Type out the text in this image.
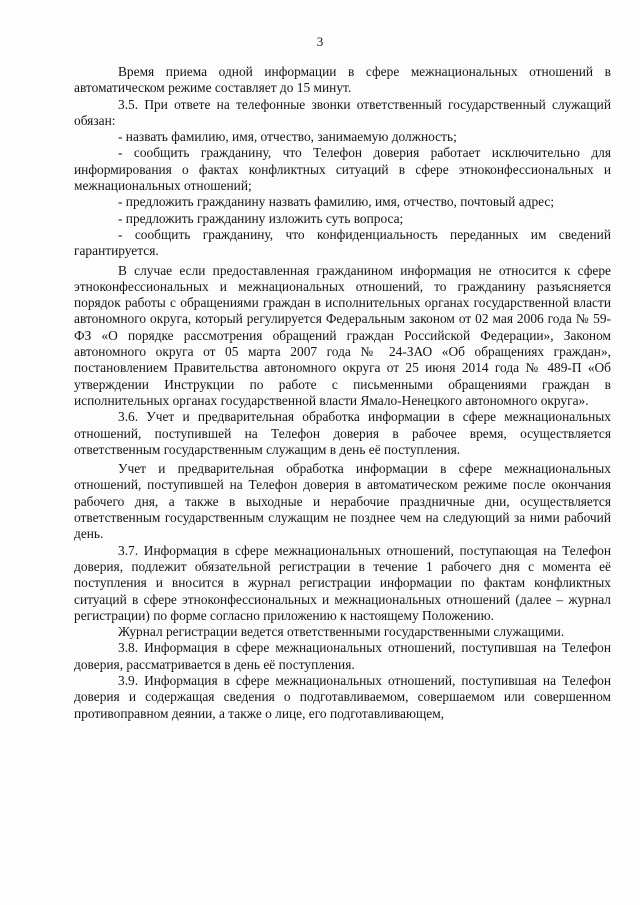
3

Время приема одной информации в сфере межнациональных отношений в автоматическом режиме составляет до 15 минут.

3.5. При ответе на телефонные звонки ответственный государственный служащий обязан:

- назвать фамилию, имя, отчество, занимаемую должность;

- сообщить гражданину, что Телефон доверия работает исключительно для информирования о фактах конфликтных ситуаций в сфере этноконфессиональных и межнациональных отношений;

- предложить гражданину назвать фамилию, имя, отчество, почтовый адрес;

- предложить гражданину изложить суть вопроса;

- сообщить гражданину, что конфиденциальность переданных им сведений гарантируется.

В случае если предоставленная гражданином информация не относится к сфере этноконфессиональных и межнациональных отношений, то гражданину разъясняется порядок работы с обращениями граждан в исполнительных органах государственной власти автономного округа, который регулируется Федеральным законом от 02 мая 2006 года № 59-ФЗ «О порядке рассмотрения обращений граждан Российской Федерации», Законом автономного округа от 05 марта 2007 года № 24-ЗАО «Об обращениях граждан», постановлением Правительства автономного округа от 25 июня 2014 года № 489-П «Об утверждении Инструкции по работе с письменными обращениями граждан в исполнительных органах государственной власти Ямало-Ненецкого автономного округа».

3.6. Учет и предварительная обработка информации в сфере межнациональных отношений, поступившей на Телефон доверия в рабочее время, осуществляется ответственным государственным служащим в день её поступления.

Учет и предварительная обработка информации в сфере межнациональных отношений, поступившей на Телефон доверия в автоматическом режиме после окончания рабочего дня, а также в выходные и нерабочие праздничные дни, осуществляется ответственным государственным служащим не позднее чем на следующий за ними рабочий день.

3.7. Информация в сфере межнациональных отношений, поступающая на Телефон доверия, подлежит обязательной регистрации в течение 1 рабочего дня с момента её поступления и вносится в журнал регистрации информации по фактам конфликтных ситуаций в сфере этноконфессиональных и межнациональных отношений (далее – журнал регистрации) по форме согласно приложению к настоящему Положению.

Журнал регистрации ведется ответственными государственными служащими.

3.8. Информация в сфере межнациональных отношений, поступившая на Телефон доверия, рассматривается в день её поступления.

3.9. Информация в сфере межнациональных отношений, поступившая на Телефон доверия и содержащая сведения о подготавливаемом, совершаемом или совершенном противоправном деянии, а также о лице, его подготавливающем,
